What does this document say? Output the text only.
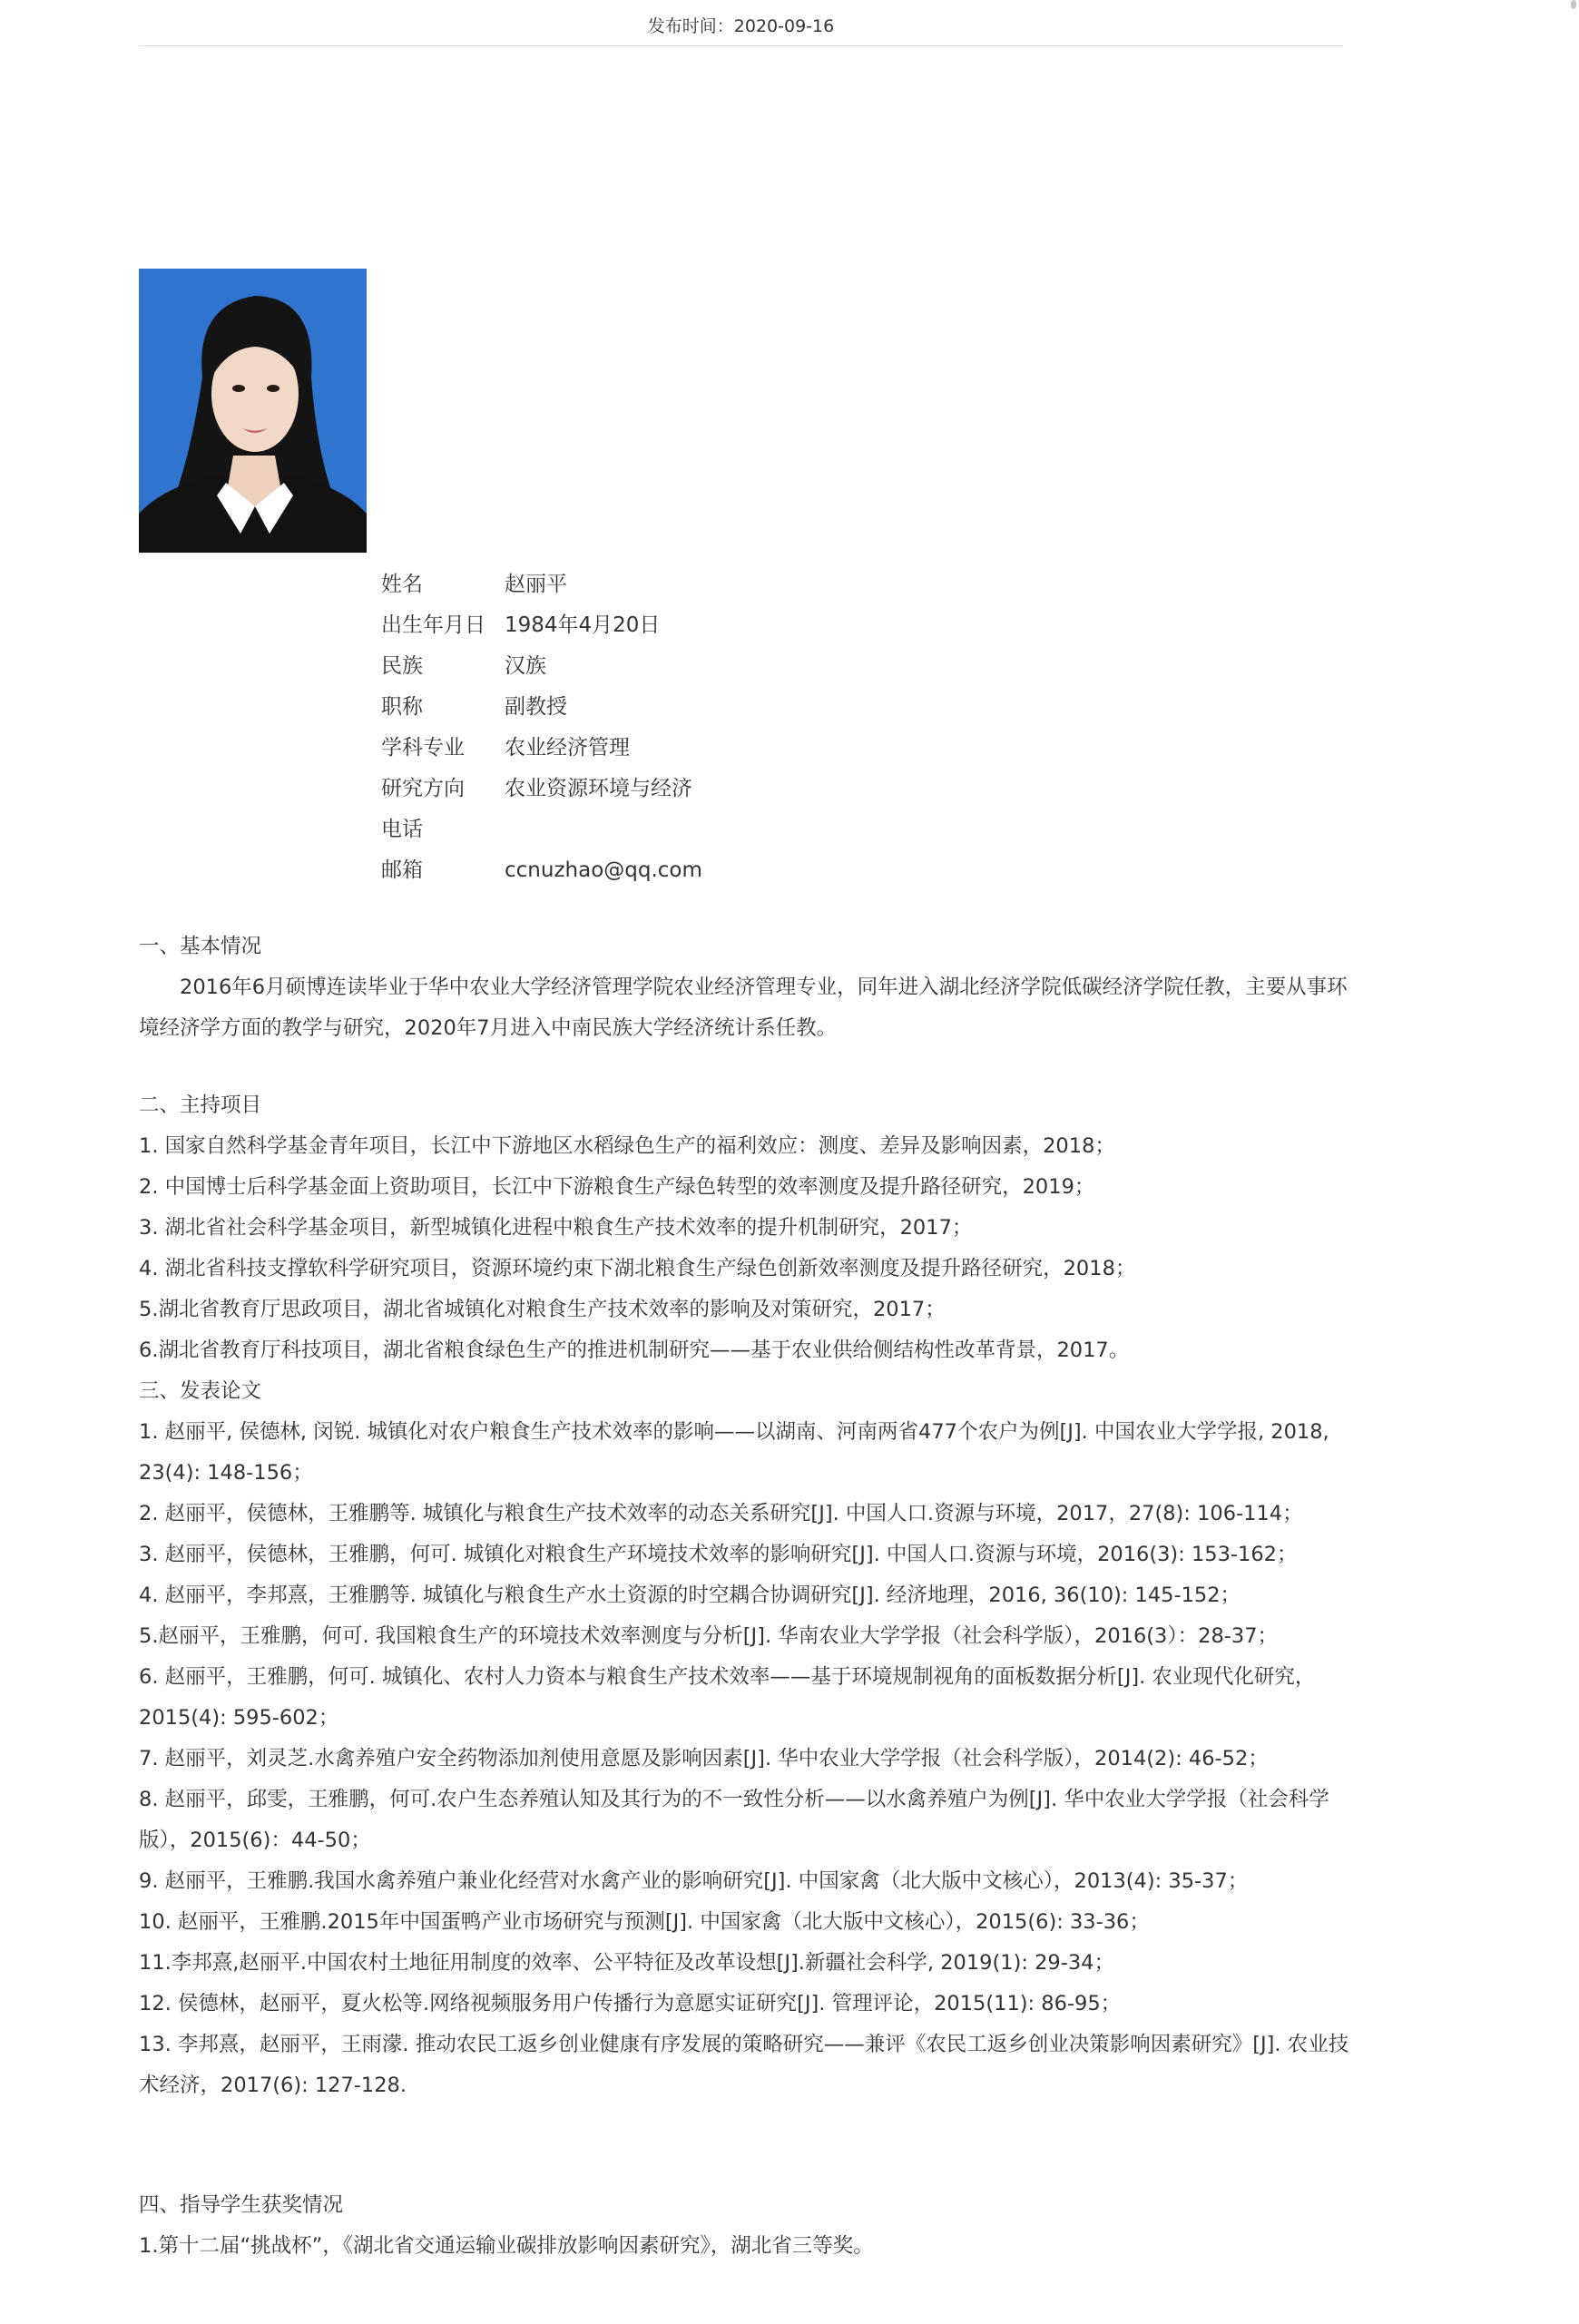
发布时间：2020-09-16
姓名	赵丽平
出生年月日 1984年4月20日
民族	汉族
职称	副教授
学科专业	农业经济管理
研究方向	农业资源环境与经济
电话
邮箱	ccnuzhao@qq.com
一、基本情况
2016年6月硕博连读毕业于华中农业大学经济管理学院农业经济管理专业，同年进入湖北经济学院低碳经济学院任教，主要从事环境经济学方面的教学与研究，2020年7月进入中南民族大学经济统计系任教。
二、主持项目
1. 国家自然科学基金青年项目，长江中下游地区水稻绿色生产的福利效应：测度、差异及影响因素，2018；
2. 中国博士后科学基金面上资助项目，长江中下游粮食生产绿色转型的效率测度及提升路径研究，2019；
3. 湖北省社会科学基金项目，新型城镇化进程中粮食生产技术效率的提升机制研究，2017；
4. 湖北省科技支撑软科学研究项目，资源环境约束下湖北粮食生产绿色创新效率测度及提升路径研究，2018；
5.湖北省教育厅思政项目，湖北省城镇化对粮食生产技术效率的影响及对策研究，2017；
6.湖北省教育厅科技项目，湖北省粮食绿色生产的推进机制研究——基于农业供给侧结构性改革背景，2017。
三、发表论文
1. 赵丽平, 侯德林, 闵锐. 城镇化对农户粮食生产技术效率的影响——以湖南、河南两省477个农户为例[J]. 中国农业大学学报, 2018, 23(4): 148-156；
2. 赵丽平，侯德林，王雅鹏等. 城镇化与粮食生产技术效率的动态关系研究[J]. 中国人口.资源与环境，2017，27(8): 106-114；
3. 赵丽平，侯德林，王雅鹏，何可. 城镇化对粮食生产环境技术效率的影响研究[J]. 中国人口.资源与环境，2016(3): 153-162；
4. 赵丽平，李邦熹，王雅鹏等. 城镇化与粮食生产水土资源的时空耦合协调研究[J]. 经济地理，2016, 36(10): 145-152；
5.赵丽平，王雅鹏，何可. 我国粮食生产的环境技术效率测度与分析[J]. 华南农业大学学报（社会科学版），2016(3）：28-37；
6. 赵丽平，王雅鹏，何可. 城镇化、农村人力资本与粮食生产技术效率——基于环境规制视角的面板数据分析[J]. 农业现代化研究，2015(4): 595-602；
7. 赵丽平，刘灵芝.水禽养殖户安全药物添加剂使用意愿及影响因素[J]. 华中农业大学学报（社会科学版），2014(2): 46-52；
8. 赵丽平，邱雯，王雅鹏，何可.农户生态养殖认知及其行为的不一致性分析——以水禽养殖户为例[J]. 华中农业大学学报（社会科学版），2015(6)：44-50；
9. 赵丽平，王雅鹏.我国水禽养殖户兼业化经营对水禽产业的影响研究[J]. 中国家禽（北大版中文核心），2013(4): 35-37；
10. 赵丽平，王雅鹏.2015年中国蛋鸭产业市场研究与预测[J]. 中国家禽（北大版中文核心），2015(6): 33-36；
11.李邦熹,赵丽平.中国农村土地征用制度的效率、公平特征及改革设想[J].新疆社会科学, 2019(1): 29-34；
12. 侯德林，赵丽平，夏火松等.网络视频服务用户传播行为意愿实证研究[J]. 管理评论，2015(11): 86-95；
13. 李邦熹，赵丽平，王雨濛. 推动农民工返乡创业健康有序发展的策略研究——兼评《农民工返乡创业决策影响因素研究》[J]. 农业技术经济，2017(6): 127-128.
四、指导学生获奖情况
1.第十二届“挑战杯”，《湖北省交通运输业碳排放影响因素研究》，湖北省三等奖。
